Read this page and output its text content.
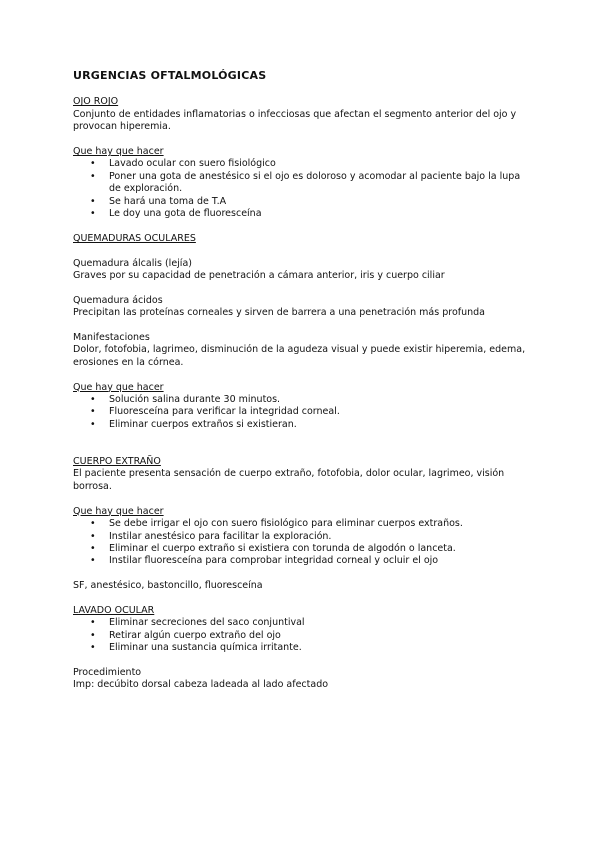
URGENCIAS OFTALMOLÓGICAS

OJO ROJO

Conjunto de entidades inflamatorias o infecciosas que afectan el segmento anterior del ojo y provocan hiperemia.

Que hay que hacer

• Lavado ocular con suero fisiológico
• Poner una gota de anestésico si el ojo es doloroso y acomodar al paciente bajo la lupa de exploración.
• Se hará una toma de T.A
• Le doy una gota de fluoresceína

QUEMADURAS OCULARES

Quemadura álcalis (lejía)

Graves por su capacidad de penetración a cámara anterior, iris y cuerpo ciliar

Quemadura ácidos

Precipitan las proteínas corneales y sirven de barrera a una penetración más profunda

Manifestaciones

Dolor, fotofobia, lagrimeo, disminución de la agudeza visual y puede existir hiperemia, edema, erosiones en la córnea.

Que hay que hacer

• Solución salina durante 30 minutos.
• Fluoresceína para verificar la integridad corneal.
• Eliminar cuerpos extraños si existieran.

CUERPO EXTRAÑO

El paciente presenta sensación de cuerpo extraño, fotofobia, dolor ocular, lagrimeo, visión borrosa.

Que hay que hacer

• Se debe irrigar el ojo con suero fisiológico para eliminar cuerpos extraños.
• Instilar anestésico para facilitar la exploración.
• Eliminar el cuerpo extraño si existiera con torunda de algodón o lanceta.
• Instilar fluoresceína para comprobar integridad corneal y ocluir el ojo

SF, anestésico, bastoncillo, fluoresceína

LAVADO OCULAR

• Eliminar secreciones del saco conjuntival
• Retirar algún cuerpo extraño del ojo
• Eliminar una sustancia química irritante.

Procedimiento

Imp: decúbito dorsal cabeza ladeada al lado afectado
